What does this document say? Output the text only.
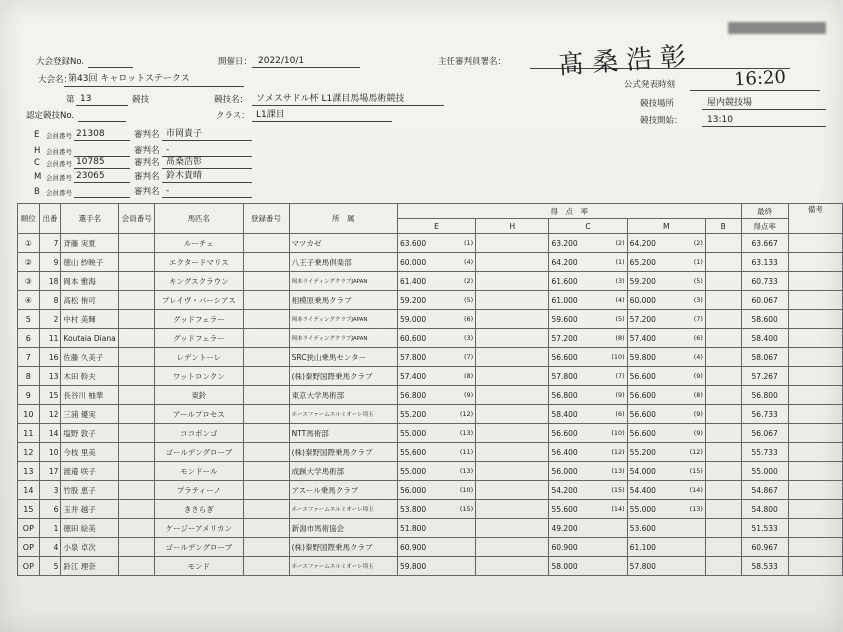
大会登録No.	開催日： 2022/10/1	主任審判員署名： 髙桑浩彰
大会名：
第43回 キャロットステークス
公式発表時刻	16:20
第 13	競技	競技名： ソメスサドル杯 L1課目馬場馬術競技	競技場所	屋内競技場
認定競技No.	クラス： L1課目
競技開始：	13:10
E 会員番号 21308	審判名 市岡貴子
H 会員番号	審判名 -
C 会員番号 10785	審判名 髙桑浩彰
M 会員番号 23065	審判名 鈴木貴晴
B 会員番号	審判名 -
順位	出番	選手名	会員番号	馬匹名	登録番号	所　属	得　点　率					最終	備考
							E	H	C	M	B	得点率	
①	7	斉藤 実夏		ルーチェ		マツカゼ	63.600 (1)		63.200 (2)	64.200 (2)		63.667	
②	9	徳山 紗映子		エクタードマリス		八王子乗馬倶楽部	60.000 (4)		64.200 (1)	65.200 (1)		63.133	
③	18	岡本 雅海		キングスクラウン		岡本ライディングクラブJAPAN	61.400 (2)		61.600 (3)	59.200 (5)		60.733	
④	8	高松 侑可		ブレイヴ・バーシアス		相模原乗馬クラブ	59.200 (5)		61.000 (4)	60.000 (3)		60.067	
5	2	中村 美輝		グッドフェラー		岡本ライディングクラブJAPAN	59.000 (6)		59.600 (5)	57.200 (7)		58.600	
6	11	Koutaia Diana		グッドフェラー		岡本ライディングクラブJAPAN	60.600 (3)		57.200 (8)	57.400 (6)		58.400	
7	16	佐藤 久美子		レデントーレ		SRC狭山乗馬センター	57.800 (7)		56.600 (10)	59.800 (4)		58.067	
8	13	木田 幹夫		ワットロンクン		(株)秦野国際乗馬クラブ	57.400 (8)		57.800 (7)	56.600 (9)		57.267	
9	15	長谷川 柚華		東鈴		東京大学馬術部	56.800 (9)		56.800 (9)	56.600 (8)		56.800	
10	12	三浦 優実		アールプロセス		ホースファームエルミオーレ埼玉	55.200 (12)		58.400 (6)	56.600 (9)		56.733	
11	14	塩野 敦子		ココボンゴ		NTT馬術部	55.000 (13)		56.600 (10)	56.600 (9)		56.067	
12	10	今枝 里美		ゴールデングローブ		(株)秦野国際乗馬クラブ	55.600 (11)		56.400 (12)	55.200 (12)		55.733	
13	17	渡邉 咲子		モンドール		成蹊大学馬術部	55.000 (13)		56.000 (13)	54.000 (15)		55.000	
14	3	竹股 恵子		プラティーノ		アスール乗馬クラブ	56.000 (10)		54.200 (15)	54.400 (14)		54.867	
15	6	玉井 越子		きさらぎ		ホースファームエルミオーレ埼玉	53.800 (15)		55.600 (14)	55.000 (13)		54.800	
OP	1	徳田 絵美		ケージーアメリカン		新潟市馬術協会	51.800		49.200	53.600		51.533	
OP	4	小泉 卓次		ゴールデングローブ		(株)秦野国際乗馬クラブ	60.900		60.900	61.100		60.967	
OP	5	鈴江 理奈		モンド		ホースファームエルミオーレ埼玉	59.800		58.000	57.800		58.533	
